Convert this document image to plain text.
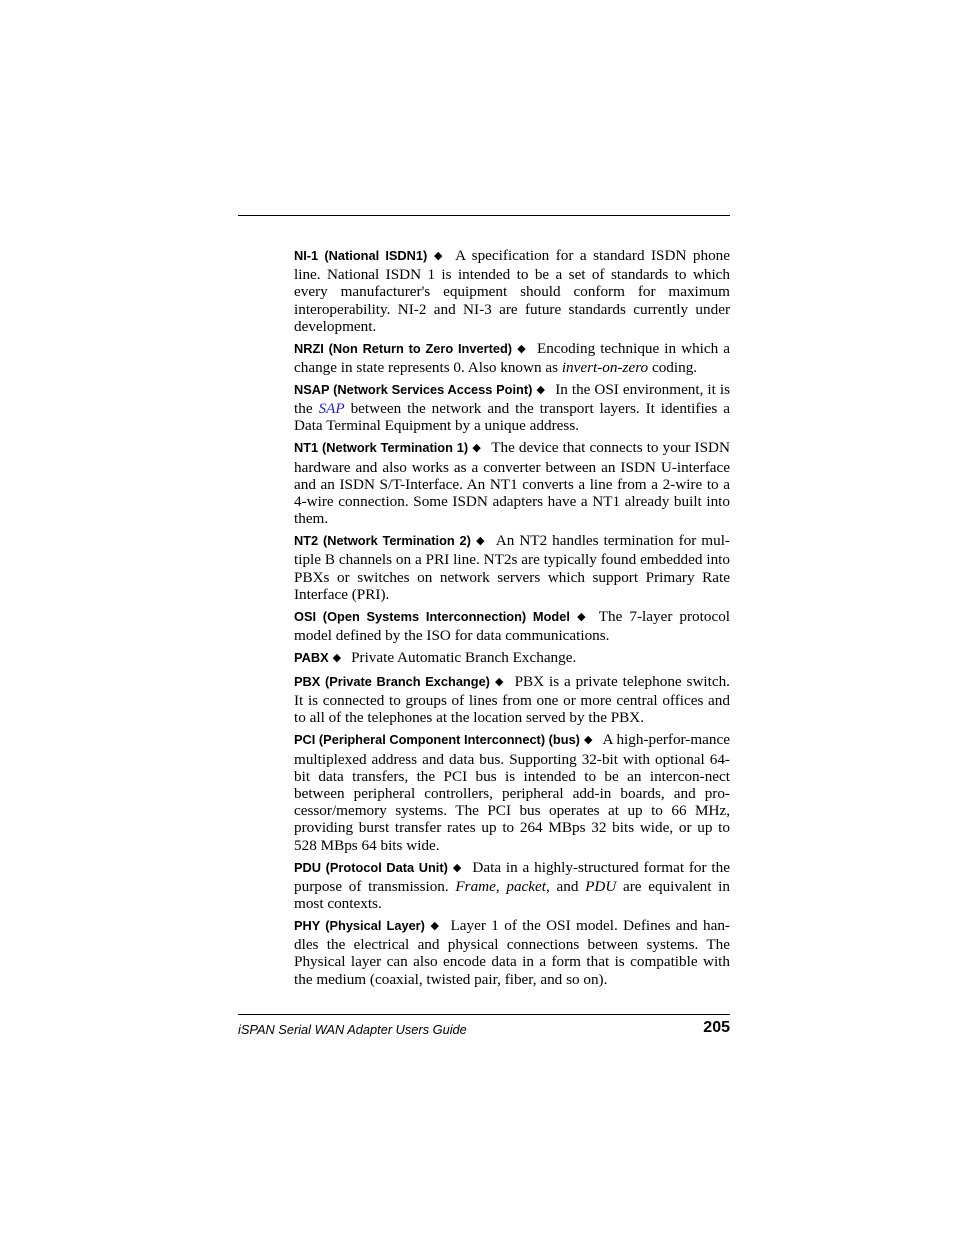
NI-1 (National ISDN1) ◆ A specification for a standard ISDN phone line. National ISDN 1 is intended to be a set of standards to which every manufacturer's equipment should conform for maximum interoperability. NI-2 and NI-3 are future standards currently under development.

NRZI (Non Return to Zero Inverted) ◆ Encoding technique in which a change in state represents 0. Also known as invert-on-zero coding.

NSAP (Network Services Access Point) ◆ In the OSI environment, it is the SAP between the network and the transport layers. It identifies a Data Terminal Equipment by a unique address.

NT1 (Network Termination 1) ◆ The device that connects to your ISDN hardware and also works as a converter between an ISDN U-interface and an ISDN S/T-Interface. An NT1 converts a line from a 2-wire to a 4-wire connection. Some ISDN adapters have a NT1 already built into them.

NT2 (Network Termination 2) ◆ An NT2 handles termination for mul-tiple B channels on a PRI line. NT2s are typically found embedded into PBXs or switches on network servers which support Primary Rate Interface (PRI).

OSI (Open Systems Interconnection) Model ◆ The 7-layer protocol model defined by the ISO for data communications.

PABX ◆ Private Automatic Branch Exchange.

PBX (Private Branch Exchange) ◆ PBX is a private telephone switch. It is connected to groups of lines from one or more central offices and to all of the telephones at the location served by the PBX.

PCI (Peripheral Component Interconnect) (bus) ◆ A high-perfor-mance multiplexed address and data bus. Supporting 32-bit with optional 64-bit data transfers, the PCI bus is intended to be an intercon-nect between peripheral controllers, peripheral add-in boards, and pro-cessor/memory systems. The PCI bus operates at up to 66 MHz, providing burst transfer rates up to 264 MBps 32 bits wide, or up to 528 MBps 64 bits wide.

PDU (Protocol Data Unit) ◆ Data in a highly-structured format for the purpose of transmission. Frame, packet, and PDU are equivalent in most contexts.

PHY (Physical Layer) ◆ Layer 1 of the OSI model. Defines and han-dles the electrical and physical connections between systems. The Physical layer can also encode data in a form that is compatible with the medium (coaxial, twisted pair, fiber, and so on).

iSPAN Serial WAN Adapter Users Guide	205
